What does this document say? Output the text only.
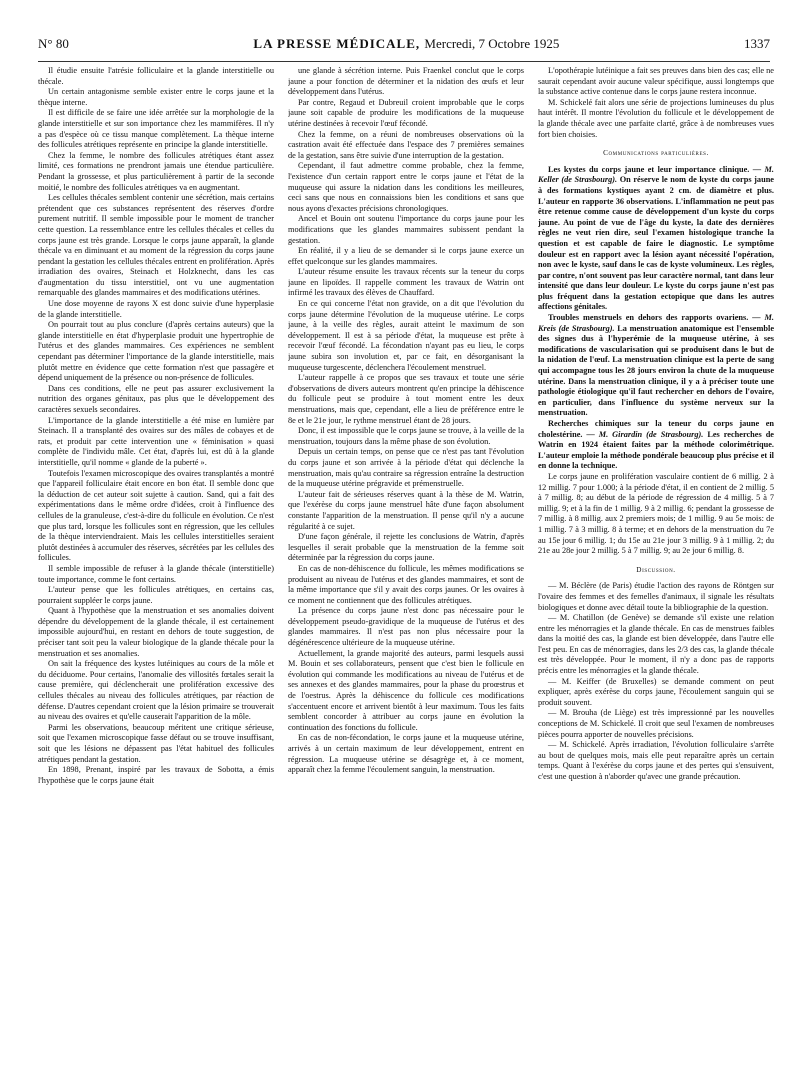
N° 80	LA PRESSE MÉDICALE, Mercredi, 7 Octobre 1925	1337

Il étudie ensuite l'atrésie folliculaire et la glande interstitielle ou thécale.

Un certain antagonisme semble exister entre le corps jaune et la thèque interne.

Il est difficile de se faire une idée arrêtée sur la morphologie de la glande interstitielle et sur son importance chez les mammifères. Il n'y a pas d'espèce où ce tissu manque complètement. La thèque interne des follicules atrétiques représente en principe la glande interstitielle.

Chez la femme, le nombre des follicules atrétiques étant assez limité, ces formations ne prendront jamais une étendue particulière. Pendant la grossesse, et plus particulièrement à partir de la seconde moitié, le nombre des follicules atrétiques va en augmentant.

Les cellules thécales semblent contenir une sécrétion, mais certains prétendent que ces substances représentent des réserves d'ordre purement nutritif. Il semble impossible pour le moment de trancher cette question. La ressemblance entre les cellules thécales et celles du corps jaune est très grande. Lorsque le corps jaune apparaît, la glande thécale va en diminuant et au moment de la régression du corps jaune pendant la gestation les cellules thécales entrent en prolifération. Après irradiation des ovaires, Steinach et Holzknecht, dans les cas d'augmentation du tissu interstitiel, ont vu une augmentation remarquable des glandes mammaires et des modifications utérines.

Une dose moyenne de rayons X est donc suivie d'une hyperplasie de la glande interstitielle.

On pourrait tout au plus conclure (d'après certains auteurs) que la glande interstitielle en état d'hyperplasie produit une hypertrophie de l'utérus et des glandes mammaires. Ces expériences ne semblent cependant pas déterminer l'importance de la glande interstitielle, mais plutôt mettre en évidence que cette formation n'est que passagère et dépend uniquement de la présence ou non-présence de follicules.

Dans ces conditions, elle ne peut pas assurer exclusivement la nutrition des organes génitaux, pas plus que le développement des caractères sexuels secondaires.

L'importance de la glande interstitielle a été mise en lumière par Steinach. Il a transplanté des ovaires sur des mâles de cobayes et de rats, et produit par cette intervention une « féminisation » quasi complète de l'individu mâle. Cet état, d'après lui, est dû à la glande interstitielle, qu'il nomme « glande de la puberté ».

Toutefois l'examen microscopique des ovaires transplantés a montré que l'appareil folliculaire était encore en bon état. Il semble donc que la déduction de cet auteur soit sujette à caution. Sand, qui a fait des expérimentations dans le même ordre d'idées, croit à l'influence des cellules de la granuleuse, c'est-à-dire du follicule en évolution. Ce n'est que plus tard, lorsque les follicules sont en régression, que les cellules de la thèque interviendraient. Mais les cellules interstitielles seraient plutôt destinées à accumuler des réserves, sécrétées par les cellules des follicules.

Il semble impossible de refuser à la glande thécale (interstitielle) toute importance, comme le font certains.

L'auteur pense que les follicules atrétiques, en certains cas, pourraient suppléer le corps jaune.

Quant à l'hypothèse que la menstruation et ses anomalies doivent dépendre du développement de la glande thécale, il est certainement impossible aujourd'hui, en restant en dehors de toute suggestion, de préciser tant soit peu la valeur biologique de la glande thécale pour la menstruation et ses anomalies.

On sait la fréquence des kystes lutéiniques au cours de la môle et du déciduome. Pour certains, l'anomalie des villosités fœtales serait la cause première, qui déclencherait une prolifération excessive des cellules thécales au niveau des follicules atrétiques, par réaction de défense. D'autres cependant croient que la lésion primaire se trouverait au niveau des ovaires et qu'elle causerait l'apparition de la môle.

Parmi les observations, beaucoup méritent une critique sérieuse, soit que l'examen microscopique fasse défaut ou se trouve insuffisant, soit que les lésions ne dépassent pas l'état habituel des follicules atrétiques pendant la gestation.

En 1898, Prenant, inspiré par les travaux de Sobotta, a émis l'hypothèse que le corps jaune était

une glande à sécrétion interne. Puis Fraenkel conclut que le corps jaune a pour fonction de déterminer et la nidation des œufs et leur développement dans l'utérus.

Par contre, Regaud et Dubreuil croient improbable que le corps jaune soit capable de produire les modifications de la muqueuse utérine destinées à recevoir l'œuf fécondé.

Chez la femme, on a réuni de nombreuses observations où la castration avait été effectuée dans l'espace des 7 premières semaines de la gestation, sans être suivie d'une interruption de la gestation.

Cependant, il faut admettre comme probable, chez la femme, l'existence d'un certain rapport entre le corps jaune et l'état de la muqueuse qui assure la nidation dans les conditions les meilleures, ceci sans que nous en connaissions bien les conditions et sans que nous ayons d'exactes précisions chronologiques.

Ancel et Bouin ont soutenu l'importance du corps jaune pour les modifications que les glandes mammaires subissent pendant la gestation.

En réalité, il y a lieu de se demander si le corps jaune exerce un effet quelconque sur les glandes mammaires.

L'auteur résume ensuite les travaux récents sur la teneur du corps jaune en lipoïdes. Il rappelle comment les travaux de Watrin ont infirmé les travaux des élèves de Chauffard.

En ce qui concerne l'état non gravide, on a dit que l'évolution du corps jaune détermine l'évolution de la muqueuse utérine. Le corps jaune, à la veille des règles, aurait atteint le maximum de son développement. Il est à sa période d'état, la muqueuse est prête à recevoir l'œuf fécondé. La fécondation n'ayant pas eu lieu, le corps jaune subira son involution et, par ce fait, en désorganisant la muqueuse turgescente, déclenchera l'écoulement menstruel.

L'auteur rappelle à ce propos que ses travaux et toute une série d'observations de divers auteurs montrent qu'en principe la déhiscence du follicule peut se produire à tout moment entre les deux menstruations, mais que, cependant, elle a lieu de préférence entre le 8e et le 21e jour, le rythme menstruel étant de 28 jours.

Donc, il est impossible que le corps jaune se trouve, à la veille de la menstruation, toujours dans la même phase de son évolution.

Depuis un certain temps, on pense que ce n'est pas tant l'évolution du corps jaune et son arrivée à la période d'état qui déclenche la menstruation, mais qu'au contraire sa régression entraîne la destruction de la muqueuse utérine prégravide et prémenstruelle.

L'auteur fait de sérieuses réserves quant à la thèse de M. Watrin, que l'exérèse du corps jaune menstruel hâte d'une façon absolument constante l'apparition de la menstruation. Il pense qu'il n'y a aucune régularité à ce sujet.

D'une façon générale, il rejette les conclusions de Watrin, d'après lesquelles il serait probable que la menstruation de la femme soit déterminée par la régression du corps jaune.

En cas de non-déhiscence du follicule, les mêmes modifications se produisent au niveau de l'utérus et des glandes mammaires, et sont de la même importance que s'il y avait des corps jaunes. Or les ovaires à ce moment ne contiennent que des follicules atrétiques.

La présence du corps jaune n'est donc pas nécessaire pour le développement pseudo-gravidique de la muqueuse de l'utérus et des glandes mammaires. Il n'est pas non plus nécessaire pour la dégénérescence ultérieure de la muqueuse utérine.

Actuellement, la grande majorité des auteurs, parmi lesquels aussi M. Bouin et ses collaborateurs, pensent que c'est bien le follicule en évolution qui commande les modifications au niveau de l'utérus et de ses annexes et des glandes mammaires, pour la phase du proœstrus et de l'oestrus. Après la déhiscence du follicule ces modifications s'accentuent encore et arrivent bientôt à leur maximum. Tous les faits semblent concorder à attribuer au corps jaune en évolution la continuation des fonctions du follicule.

En cas de non-fécondation, le corps jaune et la muqueuse utérine, arrivés à un certain maximum de leur développement, entrent en régression. La muqueuse utérine se désagrège et, à ce moment, apparaît chez la femme l'écoulement sanguin, la menstruation.

L'opothérapie lutéinique a fait ses preuves dans bien des cas; elle ne saurait cependant avoir aucune valeur spécifique, aussi longtemps que la substance active contenue dans le corps jaune restera inconnue.

M. Schickelé fait alors une série de projections lumineuses du plus haut intérêt. Il montre l'évolution du follicule et le développement de la glande thécale avec une parfaite clarté, grâce à de nombreuses vues fort bien choisies.

Communications particulières.

Les kystes du corps jaune et leur importance clinique. — M. Keller (de Strasbourg). On réserve le nom de kyste du corps jaune à des formations kystiques ayant 2 cm. de diamètre et plus. L'auteur en rapporte 36 observations. L'inflammation ne peut pas être retenue comme cause de développement d'un kyste du corps jaune. Au point de vue de l'âge du kyste, la date des dernières règles ne veut rien dire, seul l'examen histologique tranche la question et est capable de faire le diagnostic. Le symptôme douleur est en rapport avec la lésion ayant nécessité l'opération, non avec le kyste, sauf dans le cas de kyste volumineux. Les règles, par contre, n'ont souvent pas leur caractère normal, tant dans leur intensité que dans leur douleur. Le kyste du corps jaune n'est pas plus fréquent dans la gestation ectopique que dans les autres affections génitales.

Troubles menstruels en dehors des rapports ovariens. — M. Kreis (de Strasbourg). La menstruation anatomique est l'ensemble des signes dus à l'hyperémie de la muqueuse utérine, à ses modifications de vascularisation qui se produisent dans le but de la nidation de l'œuf. La menstruation clinique est la perte de sang qui accompagne tous les 28 jours environ la chute de la muqueuse utérine. Dans la menstruation clinique, il y a à préciser toute une pathologie étiologique qu'il faut rechercher en dehors de l'ovaire, en particulier, dans l'influence du système nerveux sur la menstruation.

Recherches chimiques sur la teneur du corps jaune en cholestérine. — M. Girardin (de Strasbourg). Les recherches de Watrin en 1924 étaient faites par la méthode colorimétrique. L'auteur emploie la méthode pondérale beaucoup plus précise et il en donne la technique.

Le corps jaune en prolifération vasculaire contient de 6 millig. 2 à 12 millig. 7 pour 1.000; à la période d'état, il en contient de 2 millig. 5 à 7 millig. 8; au début de la période de régression de 4 millig. 5 à 7 millig. 9; et à la fin de 1 millig. 9 à 2 millig. 6; pendant la grossesse de 7 millig. à 8 millig. aux 2 premiers mois; de 1 millig. 9 au 5e mois: de 1 millig. 7 à 3 millig. 8 à terme; et en dehors de la menstruation du 7e au 15e jour 6 millig. 1; du 15e au 21e jour 3 millig. 9 à 1 millig. 2; du 21e au 28e jour 2 millig. 5 à 7 millig. 9; au 2e jour 6 millig. 8.

Discussion.

— M. Béclère (de Paris) étudie l'action des rayons de Röntgen sur l'ovaire des femmes et des femelles d'animaux, il signale les résultats biologiques et donne avec détail toute la bibliographie de la question.

— M. Chatillon (de Genève) se demande s'il existe une relation entre les ménorragies et la glande thécale. En cas de menstrues faibles dans la moitié des cas, la glande est bien développée, dans l'autre elle l'est peu. En cas de ménorragies, dans les 2/3 des cas, la glande thécale est très développée. Pour le moment, il n'y a donc pas de rapports précis entre les ménorragies et la glande thécale.

— M. Keiffer (de Bruxelles) se demande comment on peut expliquer, après exérèse du corps jaune, l'écoulement sanguin qui se produit souvent.

— M. Brouha (de Liège) est très impressionné par les nouvelles conceptions de M. Schickelé. Il croit que seul l'examen de nombreuses pièces pourra apporter de nouvelles précisions.

— M. Schickelé. Après irradiation, l'évolution folliculaire s'arrête au bout de quelques mois, mais elle peut reparaître après un certain temps. Quant à l'exérèse du corps jaune et des pertes qui s'ensuivent, c'est une question à n'aborder qu'avec une grande précaution.
